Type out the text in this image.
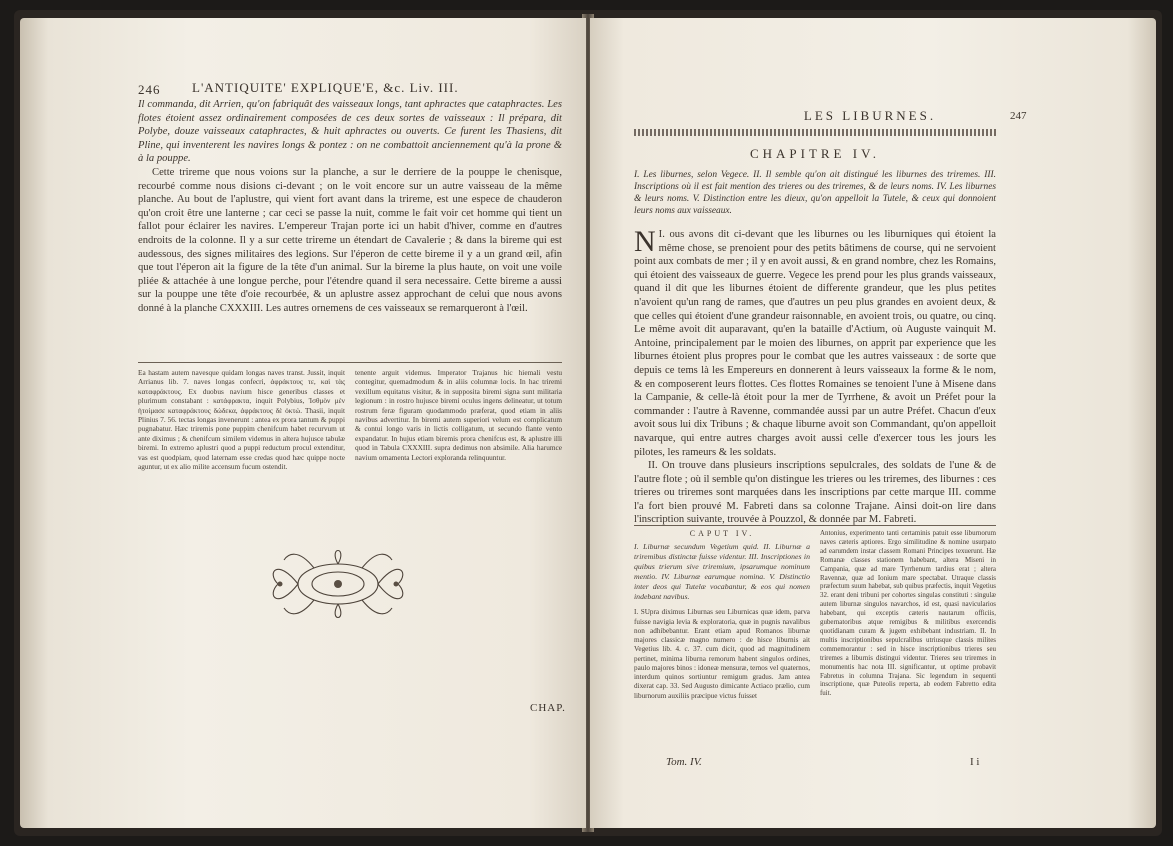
246 L'ANTIQUITE' EXPLIQUE'E, &c. Liv. III.

Il commanda, dit Arrien, qu'on fabriquât des vaisseaux longs, tant aphractes que cataphractes. Les flotes étoient assez ordinairement composées de ces deux sortes de vaisseaux : Il prépara, dit Polybe, douze vaisseaux cataphractes, & huit aphractes ou ouverts. Ce furent les Thasiens, dit Pline, qui inventerent les navires longs & pontez : on ne combattoit anciennement qu'à la prone & à la pouppe.

Cette trireme que nous voions sur la planche, a sur le derriere de la pouppe le chenisque, recourbé comme nous disions ci-devant ; on le voit encore sur un autre vaisseau de la même planche. Au bout de l'aplustre, qui vient fort avant dans la trireme, est une espece de chauderon qu'on croit être une lanterne ; car ceci se passe la nuit, comme le fait voir cet homme qui tient un fallot pour éclairer les navires. L'empereur Trajan porte ici un habit d'hiver, comme en d'autres endroits de la colonne. Il y a sur cette trireme un étendart de Cavalerie ; & dans la bireme qui est audessous, des signes militaires des legions. Sur l'éperon de cette bireme il y a un grand œil, afin que tout l'éperon ait la figure de la tête d'un animal. Sur la bireme la plus haute, on voit une voile pliée & attachée à une longue perche, pour l'étendre quand il sera necessaire. Cette bireme a aussi sur la pouppe une tête d'oie recourbée, & un aplustre assez approchant de celui que nous avons donné à la planche CXXXIII. Les autres ornemens de ces vaisseaux se remarqueront à l'œil.

Ea hastam autem navesque quidam longas naves transt. Jussit, inquit Arrianus lib. 7. naves longas confecri, ἀφράκτους τε, καὶ τὰς καταφράκτους. Ex duobus navium hisce generibus classes et plurimum constabant : κατάφρακτα, inquit Polybius, Ἰσθμὸν μὲν ἡτοίμασε καταφράκτους δώδεκα, ἀφράκτους δὲ ὀκτώ. Thasii, inquit Plinius 7. 56. tectas longas invenerunt : antea ex prora tantum & puppi pugnabatur. Hæc triremis pone puppim chenifcum habet recurvum ut ante diximus ; & chenifcum similem videmus in altera hujusce tabulæ biremi. In extremo aplustri quod a puppi reductum procul extenditur, vas est quodpiam, quod laternam esse credas quod hæc quippe nocte aguntur, ut ex alio milite accensum fucum ostendit.
tenente arguit videmus. Imperator Trajanus hic hiemali vestu contegitur, quemadmodum & in aliis columnæ locis. In hac triremi vexillum equitatus visitur, & in supposita biremi signa sunt militaria legionum : in rostro hujusce biremi oculus ingens delineatur, ut totum rostrum feræ figuram quodammodo præferat, quod etiam in aliis navibus advertitur. In biremi autem superiori velum est complicatum & contui longo varis in lictis colligatum, ut secundo flante vento expandatur. In hujus etiam biremis prora chenifcus est, & aplustre illi quod in Tabula CXXXIII. supra dedimus non absimile. Alia harumce navium ornamenta Lectori exploranda relinquuntur.
CHAP.
LES LIBURNES.	247
CHAPITRE IV.
I. Les liburnes, selon Vegece. II. Il semble qu'on ait distingué les liburnes des triremes. III. Inscriptions où il est fait mention des trieres ou des triremes, & de leurs noms. IV. Les liburnes & leurs noms. V. Distinction entre les dieux, qu'on appelloit la Tutele, & ceux qui donnoient leurs noms aux vaisseaux.

I.
N ous avons dit ci-devant que les liburnes ou les liburniques qui étoient la même chose, se prenoient pour des petits bâtimens de course, qui ne servoient point aux combats de mer ; il y en avoit aussi, & en grand nombre, chez les Romains, qui étoient des vaisseaux de guerre. Vegece les prend pour les plus grands vaisseaux, quand il dit que les liburnes étoient de differente grandeur, que les plus petites n'avoient qu'un rang de rames, que d'autres un peu plus grandes en avoient deux, & que celles qui étoient d'une grandeur raisonnable, en avoient trois, ou quatre, ou cinq. Le même avoit dit auparavant, qu'en la bataille d'Actium, où Auguste vainquit M. Antoine, principalement par le moien des liburnes, on apprit par experience que les liburnes étoient plus propres pour le combat que les autres vaisseaux : de sorte que depuis ce tems là les Empereurs en donnerent à leurs vaisseaux la forme & le nom, & en composerent leurs flottes. Ces flottes Romaines se tenoient l'une à Misene dans la Campanie, & celle-là étoit pour la mer de Tyrrhene, & avoit un Préfet pour la commander : l'autre à Ravenne, commandée aussi par un autre Préfet. Chacun d'eux avoit sous lui dix Tribuns ; & chaque liburne avoit son Commandant, qu'on appelloit navarque, qui entre autres charges avoit aussi celle d'exercer tous les jours les pilotes, les rameurs & les soldats.

II. On trouve dans plusieurs inscriptions sepulcrales, des soldats de l'une & de l'autre flote ; où il semble qu'on distingue les trieres ou les triremes, des liburnes : ces trieres ou triremes sont marquées dans les inscriptions par cette marque III. comme l'a fort bien prouvé M. Fabreti dans sa colonne Trajane. Ainsi doit-on lire dans l'inscription suivante, trouvée à Pouzzol, & donnée par M. Fabreti.

CAPUT IV.
I. Liburnæ secundum Vegetium quid. II. Liburnæ a triremibus distinctæ fuisse videntur. III. Inscriptiones in quibus trierum sive triremium, ipsarumque nominum mentio. IV. Liburnæ earumque nomina. V. Distinctio inter deos qui Tutelæ vocabantur, & eos qui nomen indebant navibus.
I. SUpra diximus Liburnas seu Liburnicas quæ idem, parva fuisse navigia levia & exploratoria, quæ in pugnis navalibus non adhibebantur. Erant etiam apud Romanos liburnæ majores classicæ magno numero : de hisce liburnis ait Vegetius lib. 4. c. 37. cum dicit, quod ad magnitudinem pertinet, minima liburna remorum habent singulos ordines, paulo majores binos : idoneæ mensuræ, ternos vel quaternos, interdum quinos sortiuntur remigum gradus. Jam antea dixerat cap. 33. Sed Augusto dimicante Actiaco prælio, cum liburnorum auxiliis præcipue victus fuisset
Antonius, experimento tanti certaminis patuit esse liburnorum naves cæteris aptiores. Ergo similitudine & nomine usurpato ad earumdem instar classem Romani Principes texuerunt. Hæ Romanæ classes stationem habebant, altera Miseni in Campania, quæ ad mare Tyrrhenum tardius erat ; altera Ravennæ, quæ ad Ionium mare spectabat. Utraque classis præfectum suum habebat, sub quibus præfectis, inquit Vegetius 32. erant deni tribuni per cohortes singulas constituti : singulæ autem liburnæ singulos navarchos, id est, quasi navicularios habebant, qui exceptis cæteris nautarum officiis, gubernatoribus atque remigibus & militibus exercendis quotidianam curam & jugem exhibebant industriam. II. In multis inscriptionibus sepulcralibus utriusque classis milites commemorantur : sed in hisce inscriptionibus trieres seu triremes a liburnis distingui videntur. Trieres seu triremes in monumentis hac nota III. significantur, ut optime probavit Fabretus in columna Trajana. Sic legendum in sequenti inscriptione, quæ Puteolis reperta, ab eodem Fabretto edita fuit.
Tom. IV.	I i
